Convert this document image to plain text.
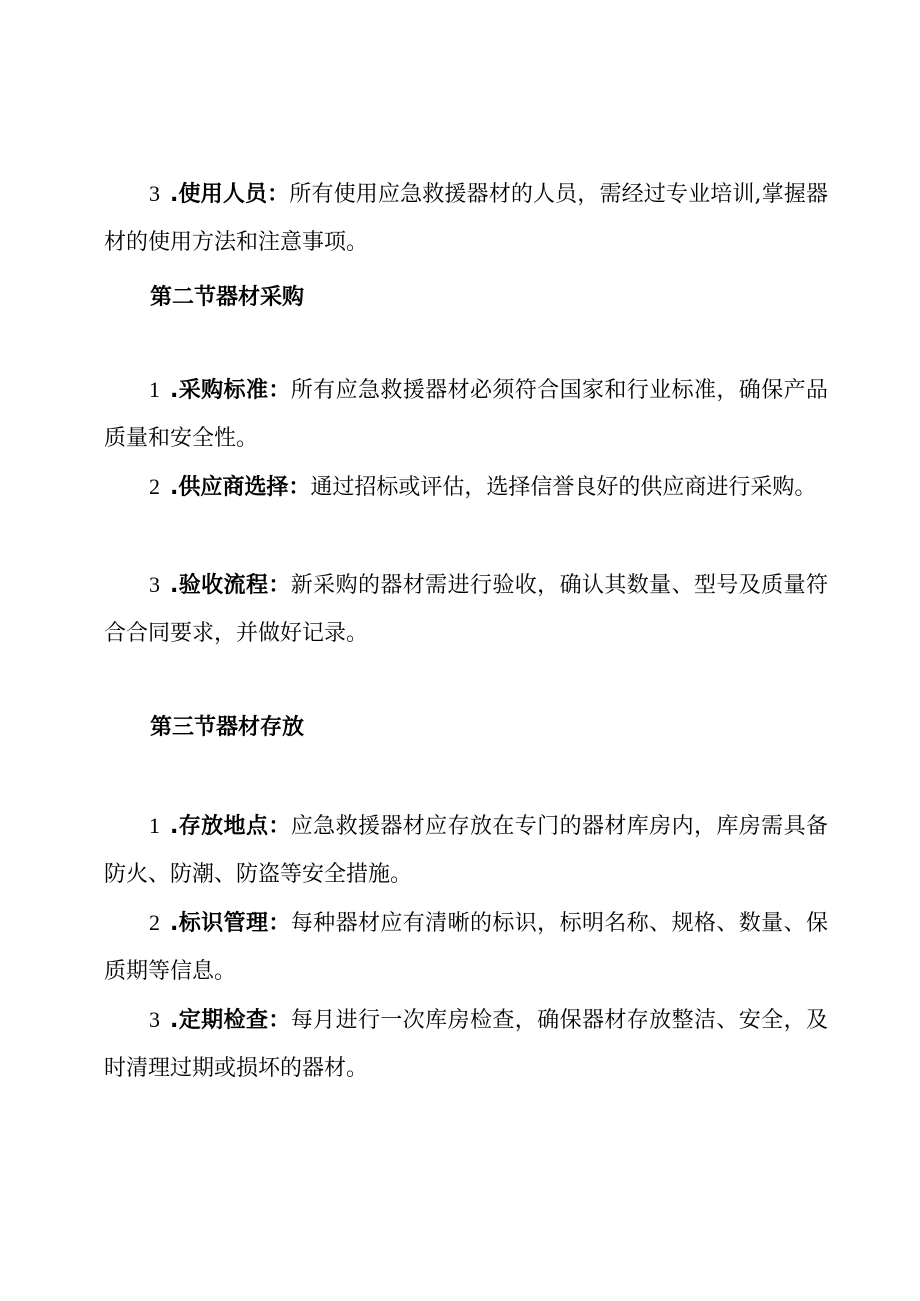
3 .使用人员：所有使用应急救援器材的人员，需经过专业培训,掌握器材的使用方法和注意事项。

第二节器材采购

1 .采购标准：所有应急救援器材必须符合国家和行业标准，确保产品质量和安全性。

2 .供应商选择：通过招标或评估，选择信誉良好的供应商进行采购。

3 .验收流程：新采购的器材需进行验收，确认其数量、型号及质量符合合同要求，并做好记录。

第三节器材存放

1 .存放地点：应急救援器材应存放在专门的器材库房内，库房需具备防火、防潮、防盗等安全措施。

2 .标识管理：每种器材应有清晰的标识，标明名称、规格、数量、保质期等信息。

3 .定期检查：每月进行一次库房检查，确保器材存放整洁、安全，及时清理过期或损坏的器材。
